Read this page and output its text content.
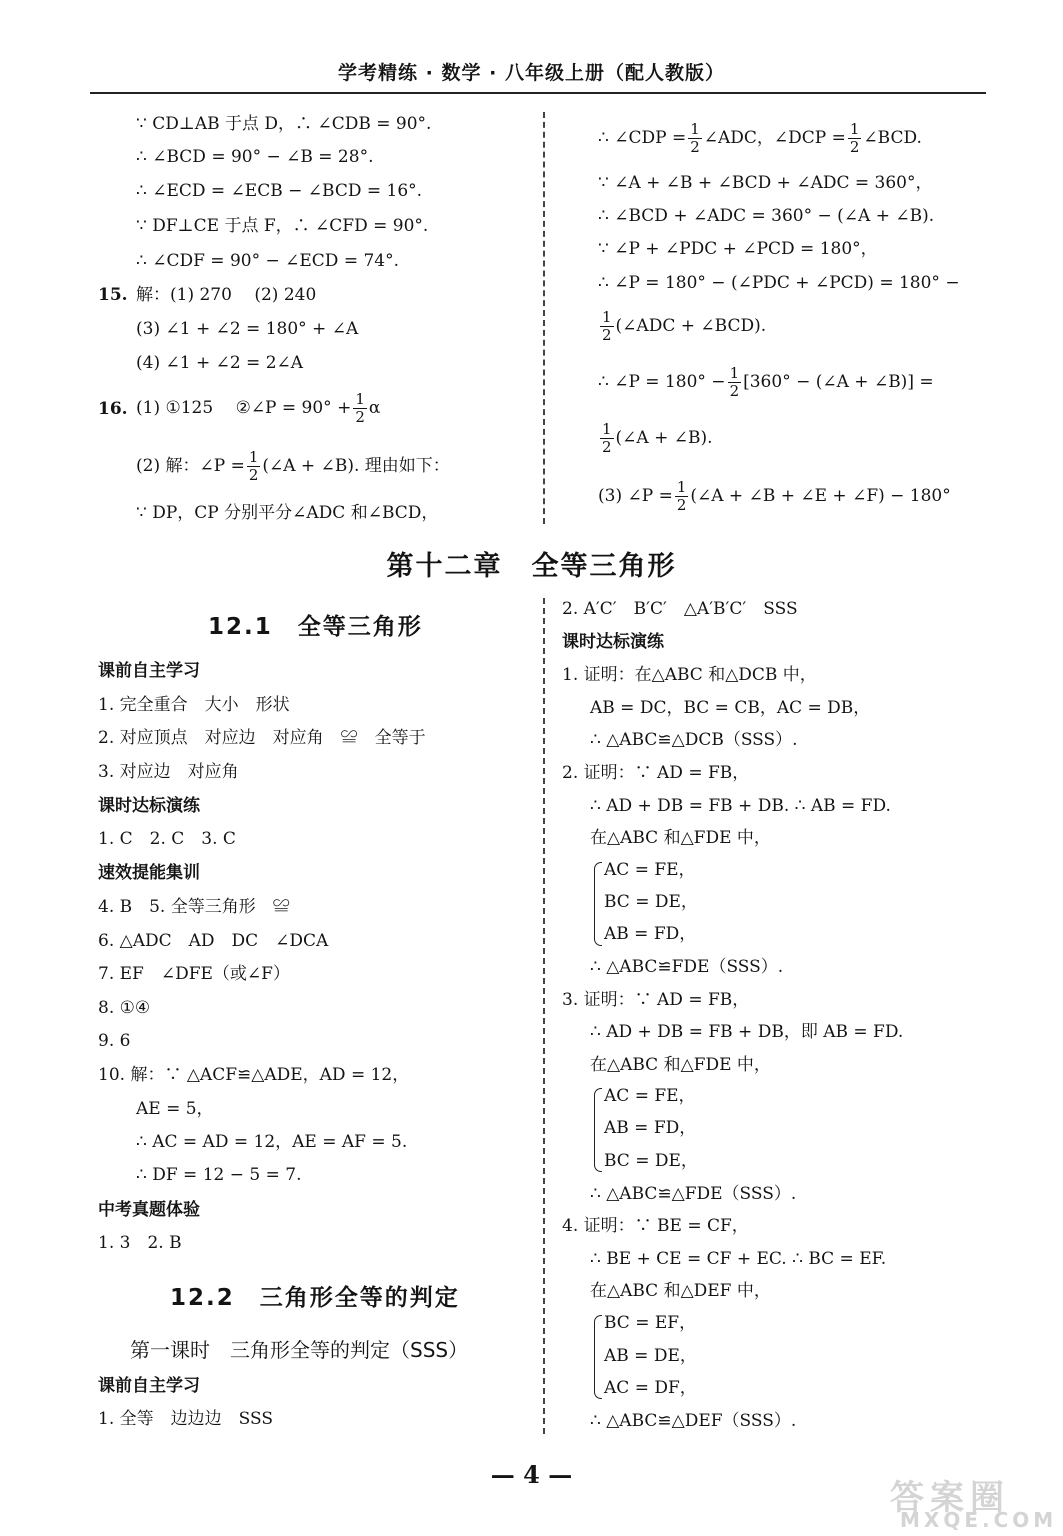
学考精练 · 数学 · 八年级上册（配人教版）
∵ CD⊥AB 于点 D，∴ ∠CDB = 90°.
∴ ∠BCD = 90° − ∠B = 28°.
∴ ∠ECD = ∠ECB − ∠BCD = 16°.
∵ DF⊥CE 于点 F，∴ ∠CFD = 90°.
∴ ∠CDF = 90° − ∠ECD = 74°.
15. 解：(1) 270　 (2) 240
(3) ∠1 + ∠2 = 180° + ∠A
(4) ∠1 + ∠2 = 2∠A
16. (1) ①125　 ②∠P = $90^\circ + \frac{1}{2}$ α
(2) 解：∠P = $\frac{1}{2}$ (∠A + ∠B). 理由如下：
∵ DP，CP 分别平分∠ADC 和∠BCD，
∴ ∠CDP = $\frac{1}{2}$ ∠ADC，∠DCP = $\frac{1}{2}$ ∠BCD.
∵ ∠A + ∠B + ∠BCD + ∠ADC = 360°，
∴ ∠BCD + ∠ADC = 360° − (∠A + ∠B).
∵ ∠P + ∠PDC + ∠PCD = 180°，
∴ ∠P = 180° − (∠PDC + ∠PCD) = 180° −
$\frac{1}{2}$ (∠ADC + ∠BCD).
∴ ∠P = $180^\circ - \frac{1}{2} [360^\circ$ − (∠A + ∠B)] =
$\frac{1}{2}$ (∠A + ∠B).
(3) ∠P = $\frac{1}{2}$ (∠A + ∠B + ∠E + ∠F) − 180°
第十二章　全等三角形
12.1　全等三角形
课前自主学习
1. 完全重合　大小　形状
2. 对应顶点　对应边　对应角　≌　全等于
3. 对应边　对应角
课时达标演练
1. C　2. C　3. C
速效提能集训
4. B　5. 全等三角形　≌
6. △ADC　AD　DC　∠DCA
7. EF　∠DFE（或∠F）
8. ①④
9. 6
10. 解：∵ △ACF≌△ADE，AD = 12，
AE = 5，
∴ AC = AD = 12，AE = AF = 5.
∴ DF = 12 − 5 = 7.
中考真题体验
1. 3　2. B
12.2　三角形全等的判定
第一课时　三角形全等的判定（SSS）
课前自主学习
1. 全等　边边边　SSS
2. A′C′　B′C′　△A′B′C′　SSS
课时达标演练
1. 证明：在△ABC 和△DCB 中，
AB = DC，BC = CB，AC = DB，
∴ △ABC≌△DCB（SSS）.
2. 证明：∵ AD = FB，
∴ AD + DB = FB + DB. ∴ AB = FD.
在△ABC 和△FDE 中，
AC = FE，
BC = DE，
AB = FD，
∴ △ABC≌FDE（SSS）.
3. 证明：∵ AD = FB，
∴ AD + DB = FB + DB，即 AB = FD.
在△ABC 和△FDE 中，
AC = FE，
AB = FD，
BC = DE，
∴ △ABC≌△FDE（SSS）.
4. 证明：∵ BE = CF，
∴ BE + CE = CF + EC. ∴ BC = EF.
在△ABC 和△DEF 中，
BC = EF，
AB = DE，
AC = DF，
∴ △ABC≌△DEF（SSS）.
— 4 —
答案圈
MXQE.COM
